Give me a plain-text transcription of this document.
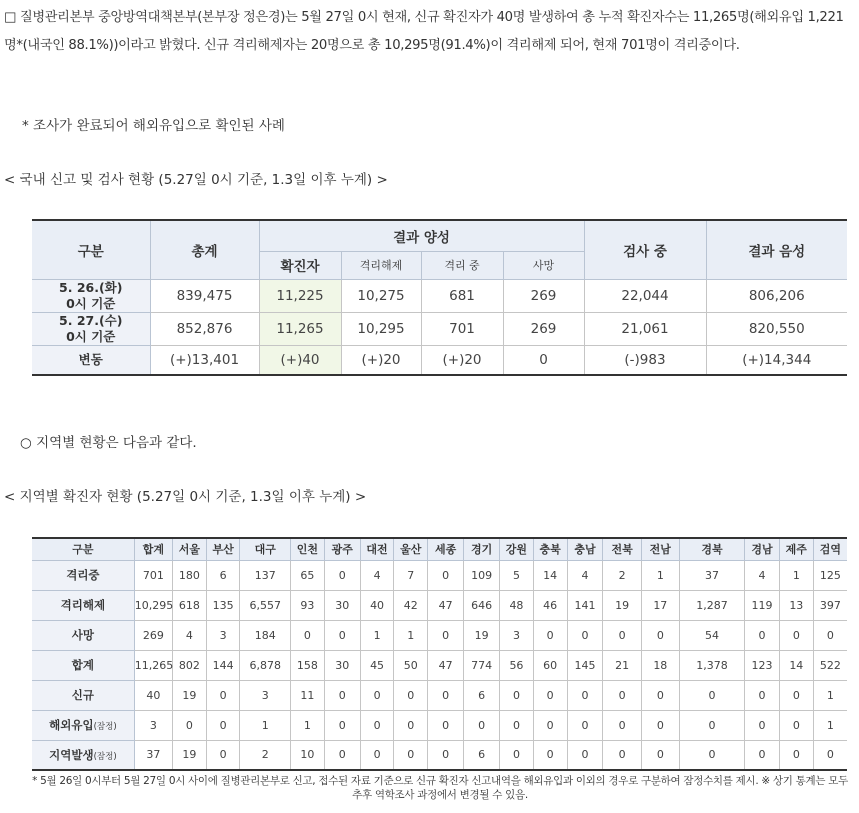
□ 질병관리본부 중앙방역대책본부(본부장 정은경)는 5월 27일 0시 현재, 신규 확진자가 40명 발생하여 총 누적 확진자수는 11,265명(해외유입 1,221명*(내국인 88.1%))이라고 밝혔다. 신규 격리해제자는 20명으로 총 10,295명(91.4%)이 격리해제 되어, 현재 701명이 격리중이다.
* 조사가 완료되어 해외유입으로 확인된 사례
< 국내 신고 및 검사 현황 (5.27일 0시 기준, 1.3일 이후 누계) >
구분	총계	결과 양성				검사 중	결과 음성
		확진자	격리해제	격리 중	사망		
5. 26.(화)
0시 기준	839,475	11,225	10,275	681	269	22,044	806,206
5. 27.(수)
0시 기준	852,876	11,265	10,295	701	269	21,061	820,550
변동	(+)13,401	(+)40	(+)20	(+)20	0	(-)983	(+)14,344
○ 지역별 현황은 다음과 같다.
< 지역별 확진자 현황 (5.27일 0시 기준, 1.3일 이후 누계) >
구분	합계	서울	부산	대구	인천	광주	대전	울산	세종	경기	강원	충북	충남	전북	전남	경북	경남	제주	검역
격리중	701	180	6	137	65	0	4	7	0	109	5	14	4	2	1	37	4	1	125
격리해제	10,295	618	135	6,557	93	30	40	42	47	646	48	46	141	19	17	1,287	119	13	397
사망	269	4	3	184	0	0	1	1	0	19	3	0	0	0	0	54	0	0	0
합계	11,265	802	144	6,878	158	30	45	50	47	774	56	60	145	21	18	1,378	123	14	522
신규	40	19	0	3	11	0	0	0	0	6	0	0	0	0	0	0	0	0	1
해외유입(잠정)	3	0	0	1	1	0	0	0	0	0	0	0	0	0	0	0	0	0	1
지역발생(잠정)	37	19	0	2	10	0	0	0	0	6	0	0	0	0	0	0	0	0	0
* 5월 26일 0시부터 5월 27일 0시 사이에 질병관리본부로 신고, 접수된 자료 기준으로 신규 확진자 신고내역을 해외유입과 이외의 경우로 구분하여 잠정수치를 제시. ※ 상기 통계는 모두 추후 역학조사 과정에서 변경될 수 있음.
